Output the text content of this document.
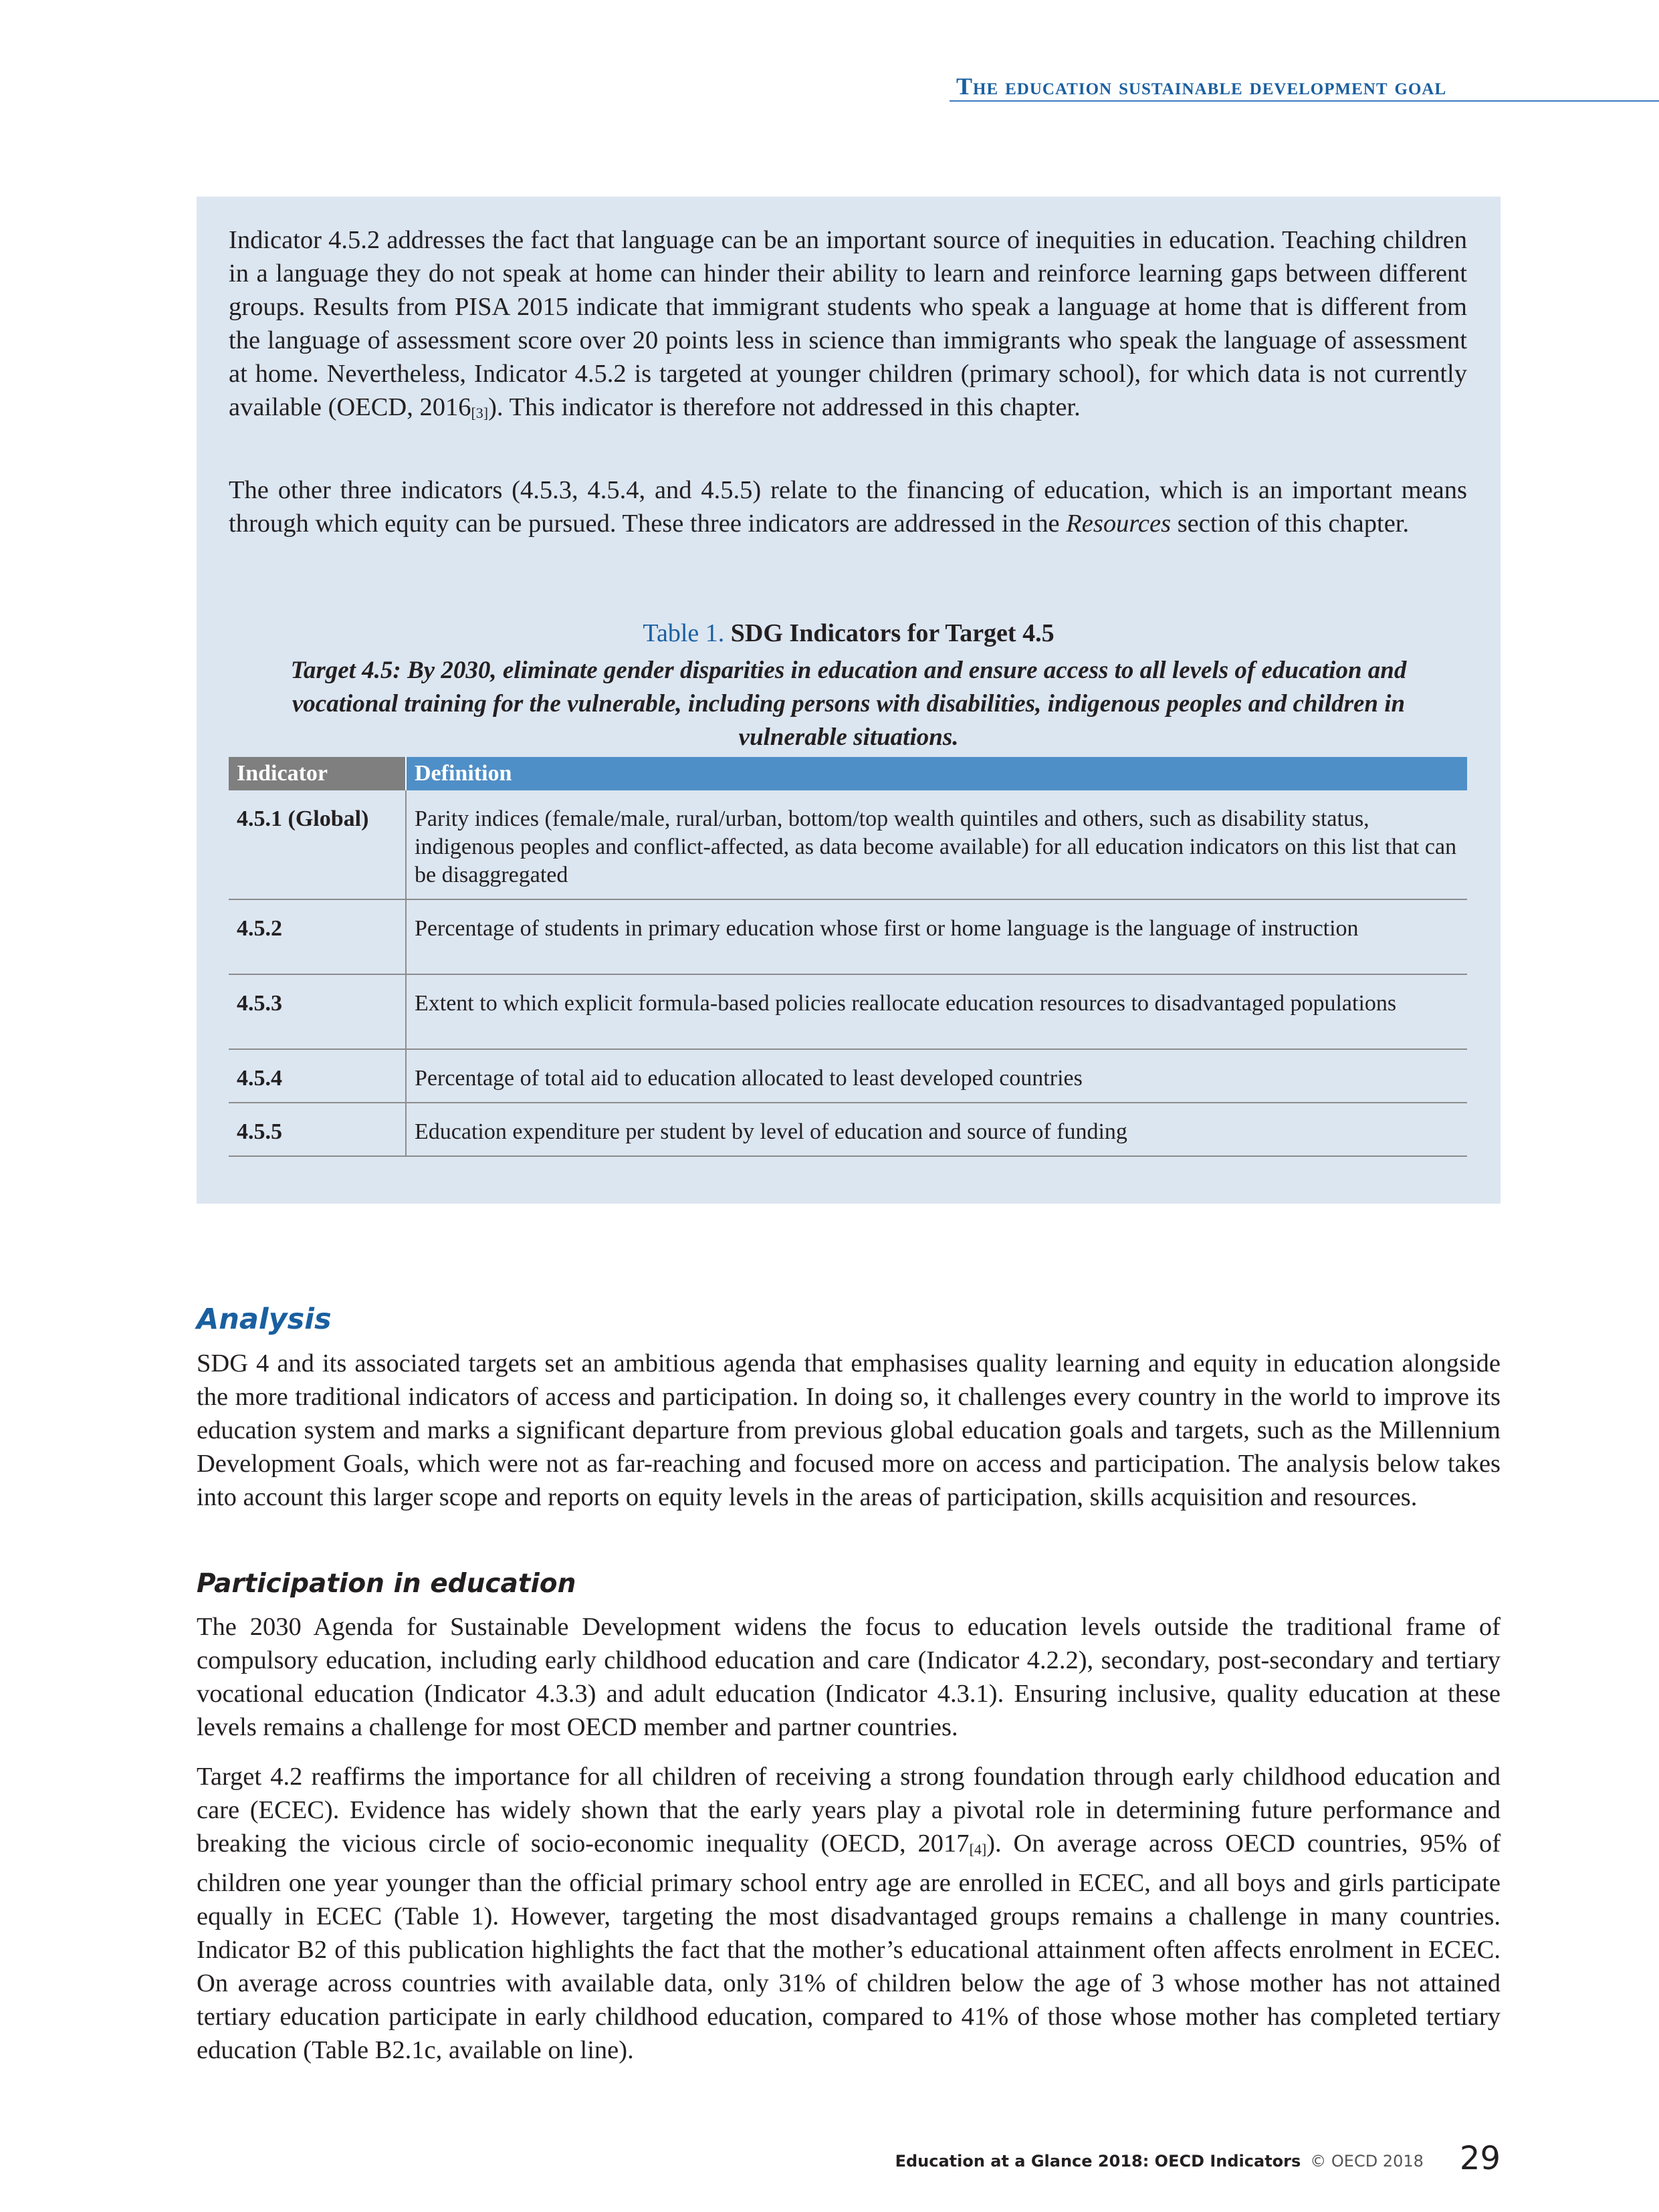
The education sustainable development goal

Indicator 4.5.2 addresses the fact that language can be an important source of inequities in education. Teaching children in a language they do not speak at home can hinder their ability to learn and reinforce learning gaps between different groups. Results from PISA 2015 indicate that immigrant students who speak a language at home that is different from the language of assessment score over 20 points less in science than immigrants who speak the language of assessment at home. Nevertheless, Indicator 4.5.2 is targeted at younger children (primary school), for which data is not currently available (OECD, $2016_{[3]}$). This indicator is therefore not addressed in this chapter.

The other three indicators (4.5.3, 4.5.4, and 4.5.5) relate to the financing of education, which is an important means through which equity can be pursued. These three indicators are addressed in the Resources section of this chapter.

Table 1. SDG Indicators for Target 4.5
Target 4.5: By 2030, eliminate gender disparities in education and ensure access to all levels of education and vocational training for the vulnerable, including persons with disabilities, indigenous peoples and children in vulnerable situations.
Indicator	Definition
4.5.1 (Global)	Parity indices (female/male, rural/urban, bottom/top wealth quintiles and others, such as disability status, indigenous peoples and conflict-affected, as data become available) for all education indicators on this list that can be disaggregated
4.5.2	Percentage of students in primary education whose first or home language is the language of instruction
4.5.3	Extent to which explicit formula-based policies reallocate education resources to disadvantaged populations
4.5.4	Percentage of total aid to education allocated to least developed countries
4.5.5	Education expenditure per student by level of education and source of funding
Analysis

SDG 4 and its associated targets set an ambitious agenda that emphasises quality learning and equity in education alongside the more traditional indicators of access and participation. In doing so, it challenges every country in the world to improve its education system and marks a significant departure from previous global education goals and targets, such as the Millennium Development Goals, which were not as far-reaching and focused more on access and participation. The analysis below takes into account this larger scope and reports on equity levels in the areas of participation, skills acquisition and resources.

Participation in education

The 2030 Agenda for Sustainable Development widens the focus to education levels outside the traditional frame of compulsory education, including early childhood education and care (Indicator 4.2.2), secondary, post-secondary and tertiary vocational education (Indicator 4.3.3) and adult education (Indicator 4.3.1). Ensuring inclusive, quality education at these levels remains a challenge for most OECD member and partner countries.

Target 4.2 reaffirms the importance for all children of receiving a strong foundation through early childhood education and care (ECEC). Evidence has widely shown that the early years play a pivotal role in determining future performance and breaking the vicious circle of socio-economic inequality (OECD, $2017_{[4]}$). On average across OECD countries, 95% of children one year younger than the official primary school entry age are enrolled in ECEC, and all boys and girls participate equally in ECEC (Table 1). However, targeting the most disadvantaged groups remains a challenge in many countries. Indicator B2 of this publication highlights the fact that the mother’s educational attainment often affects enrolment in ECEC. On average across countries with available data, only 31% of children below the age of 3 whose mother has not attained tertiary education participate in early childhood education, compared to 41% of those whose mother has completed tertiary education (Table B2.1c, available on line).

Education at a Glance 2018: OECD Indicators © OECD 2018 29
